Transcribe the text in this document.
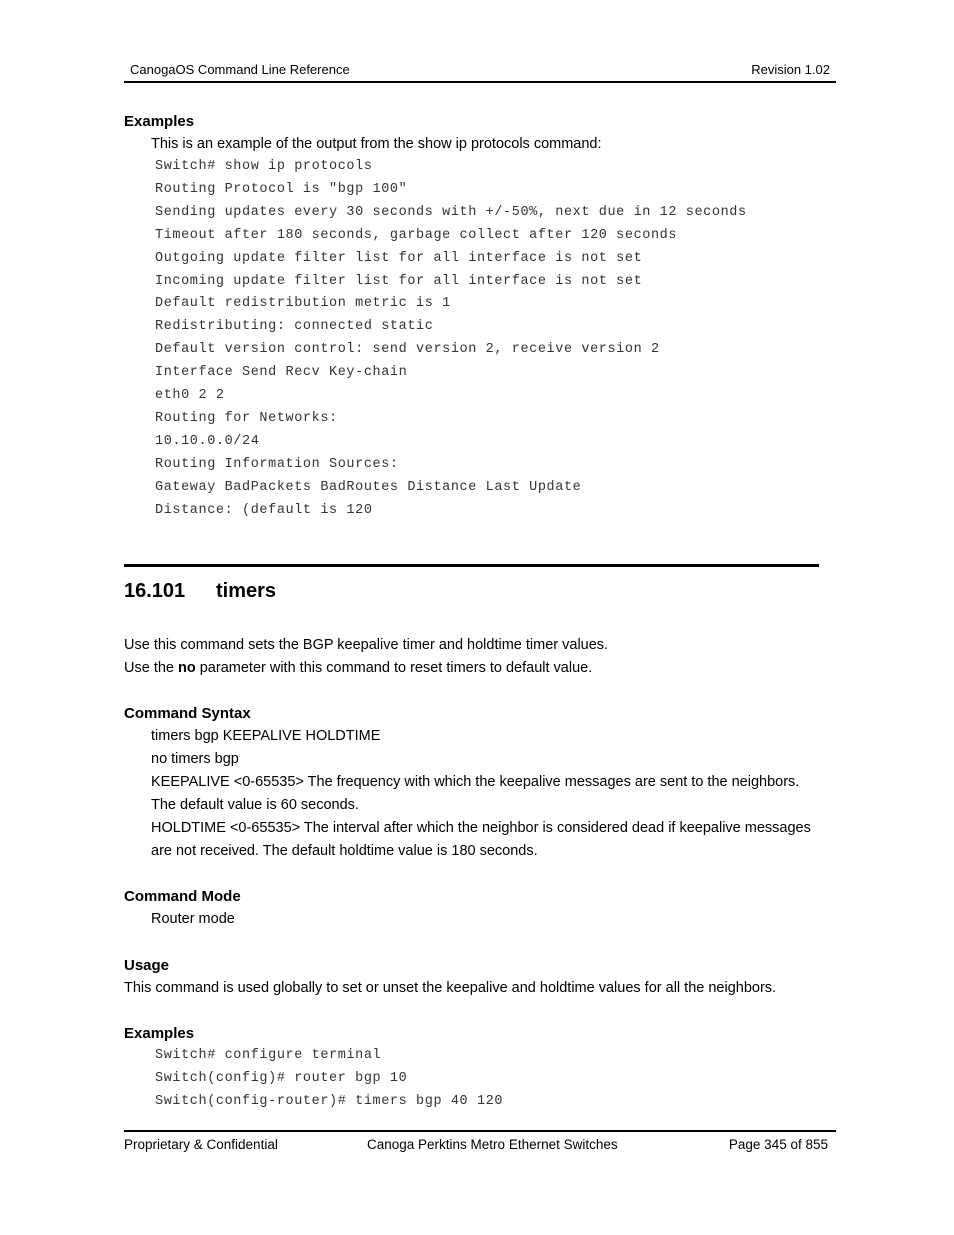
CanogaOS Command Line Reference	Revision 1.02
Examples
This is an example of the output from the show ip protocols command:
Switch# show ip protocols
Routing Protocol is "bgp 100"
Sending updates every 30 seconds with +/-50%, next due in 12 seconds
Timeout after 180 seconds, garbage collect after 120 seconds
Outgoing update filter list for all interface is not set
Incoming update filter list for all interface is not set
Default redistribution metric is 1
Redistributing: connected static
Default version control: send version 2, receive version 2
Interface Send Recv Key-chain
eth0 2 2
Routing for Networks:
10.10.0.0/24
Routing Information Sources:
Gateway BadPackets BadRoutes Distance Last Update
Distance: (default is 120
16.101 timers
Use this command sets the BGP keepalive timer and holdtime timer values.
Use the no parameter with this command to reset timers to default value.
Command Syntax
timers bgp KEEPALIVE HOLDTIME
no timers bgp
KEEPALIVE <0-65535> The frequency with which the keepalive messages are sent to the neighbors.
The default value is 60 seconds.
HOLDTIME <0-65535> The interval after which the neighbor is considered dead if keepalive messages
are not received. The default holdtime value is 180 seconds.
Command Mode
Router mode
Usage
This command is used globally to set or unset the keepalive and holdtime values for all the neighbors.
Examples
Switch# configure terminal
Switch(config)# router bgp 10
Switch(config-router)# timers bgp 40 120
Proprietary & Confidential	Canoga Perktins Metro Ethernet Switches	Page 345 of 855
